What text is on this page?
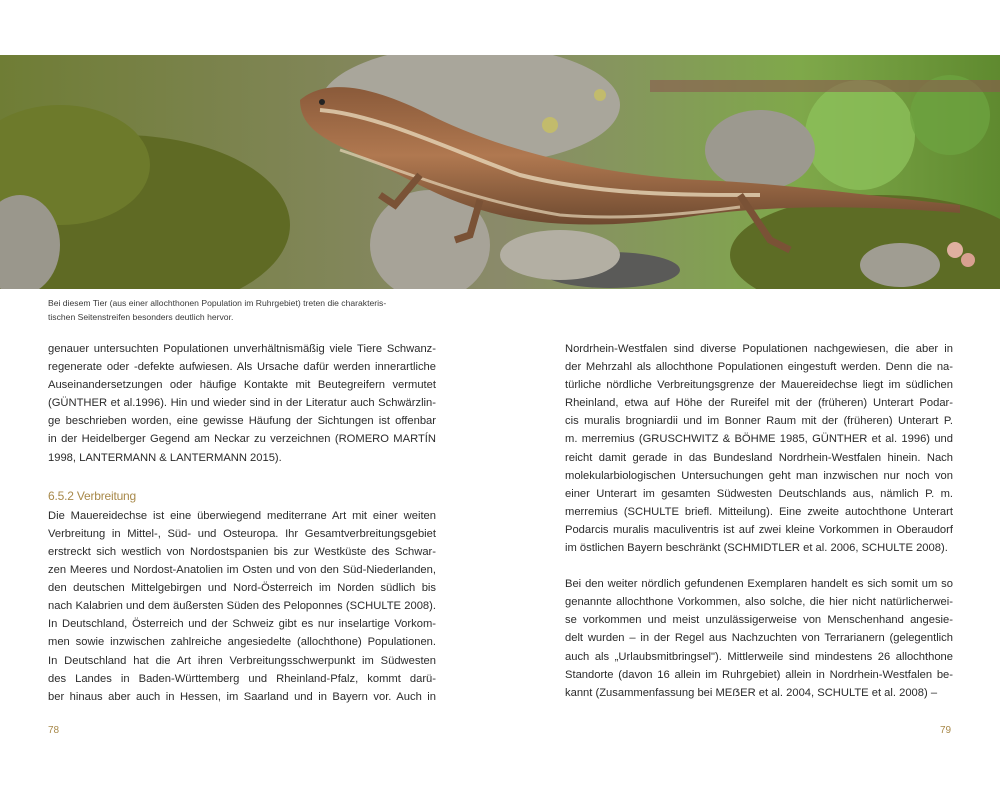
Bei diesem Tier (aus einer allochthonen Population im Ruhrgebiet) treten die charakteris-
tischen Seitenstreifen besonders deutlich hervor.

genauer untersuchten Populationen unverhältnismäßig viele Tiere Schwanz-
regenerate oder -defekte aufwiesen. Als Ursache dafür werden innerartliche
Auseinandersetzungen oder häufige Kontakte mit Beutegreifern vermutet
(GÜNTHER et al.1996). Hin und wieder sind in der Literatur auch Schwärzlin-
ge beschrieben worden, eine gewisse Häufung der Sichtungen ist offenbar
in der Heidelberger Gegend am Neckar zu verzeichnen (ROMERO MARTÍN
1998, LANTERMANN & LANTERMANN 2015).

6.5.2 Verbreitung

Die Mauereidechse ist eine überwiegend mediterrane Art mit einer weiten
Verbreitung in Mittel-, Süd- und Osteuropa. Ihr Gesamtverbreitungsgebiet
erstreckt sich westlich von Nordostspanien bis zur Westküste des Schwar-
zen Meeres und Nordost-Anatolien im Osten und von den Süd-Niederlanden,
den deutschen Mittelgebirgen und Nord-Österreich im Norden südlich bis
nach Kalabrien und dem äußersten Süden des Peloponnes (SCHULTE 2008).
In Deutschland, Österreich und der Schweiz gibt es nur inselartige Vorkom-
men sowie inzwischen zahlreiche angesiedelte (allochthone) Populationen.
In Deutschland hat die Art ihren Verbreitungsschwerpunkt im Südwesten
des Landes in Baden-Württemberg und Rheinland-Pfalz, kommt darü-
ber hinaus aber auch in Hessen, im Saarland und in Bayern vor. Auch in

Nordrhein-Westfalen sind diverse Populationen nachgewiesen, die aber in
der Mehrzahl als allochthone Populationen eingestuft werden. Denn die na-
türliche nördliche Verbreitungsgrenze der Mauereidechse liegt im südlichen
Rheinland, etwa auf Höhe der Rureifel mit der (früheren) Unterart Podar-
cis muralis brogniardii und im Bonner Raum mit der (früheren) Unterart P.
m. merremius (GRUSCHWITZ & BÖHME 1985, GÜNTHER et al. 1996) und
reicht damit gerade in das Bundesland Nordrhein-Westfalen hinein. Nach
molekularbiologischen Untersuchungen geht man inzwischen nur noch von
einer Unterart im gesamten Südwesten Deutschlands aus, nämlich P. m.
merremius (SCHULTE briefl. Mitteilung). Eine zweite autochthone Unterart
Podarcis muralis maculiventris ist auf zwei kleine Vorkommen in Oberaudorf
im östlichen Bayern beschränkt (SCHMIDTLER et al. 2006, SCHULTE 2008).

Bei den weiter nördlich gefundenen Exemplaren handelt es sich somit um so
genannte allochthone Vorkommen, also solche, die hier nicht natürlicherwei-
se vorkommen und meist unzulässigerweise von Menschenhand angesie-
delt wurden – in der Regel aus Nachzuchten von Terrarianern (gelegentlich
auch als „Urlaubsmitbringsel"). Mittlerweile sind mindestens 26 allochthone
Standorte (davon 16 allein im Ruhrgebiet) allein in Nordrhein-Westfalen be-
kannt (Zusammenfassung bei MEẞER et al. 2004, SCHULTE et al. 2008) –

78	79
